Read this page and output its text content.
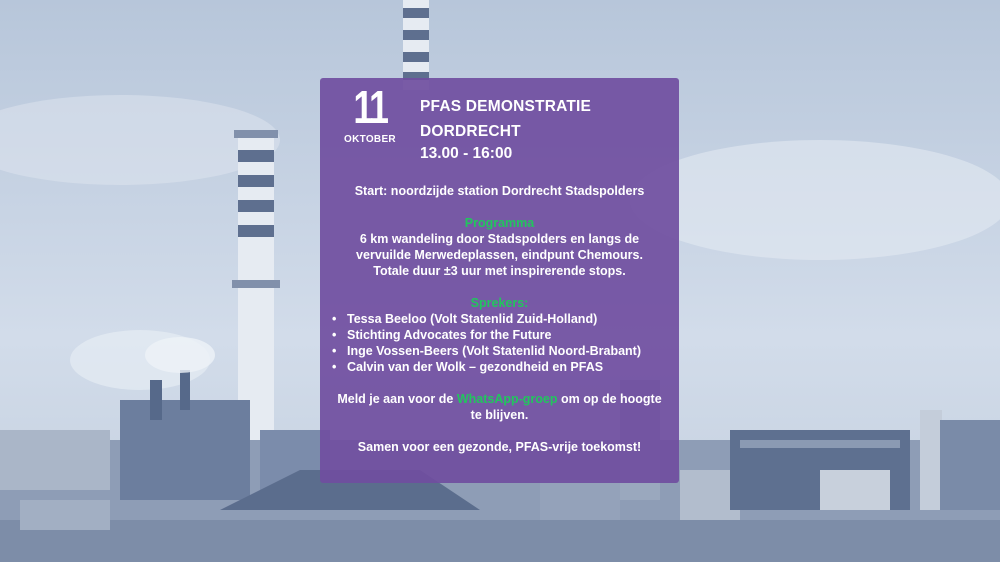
11
OKTOBER
PFAS DEMONSTRATIE
DORDRECHT
13.00 - 16:00

Start: noordzijde station Dordrecht Stadspolders

Programma

6 km wandeling door Stadspolders en langs de

vervuilde Merwedeplassen, eindpunt Chemours.

Totale duur ±3 uur met inspirerende stops.

Sprekers:

• Tessa Beeloo (Volt Statenlid Zuid-Holland)
• Stichting Advocates for the Future
• Inge Vossen-Beers (Volt Statenlid Noord-Brabant)
• Calvin van der Wolk – gezondheid en PFAS

Meld je aan voor de WhatsApp-groep om op de hoogte

te blijven.

Samen voor een gezonde, PFAS-vrije toekomst!
